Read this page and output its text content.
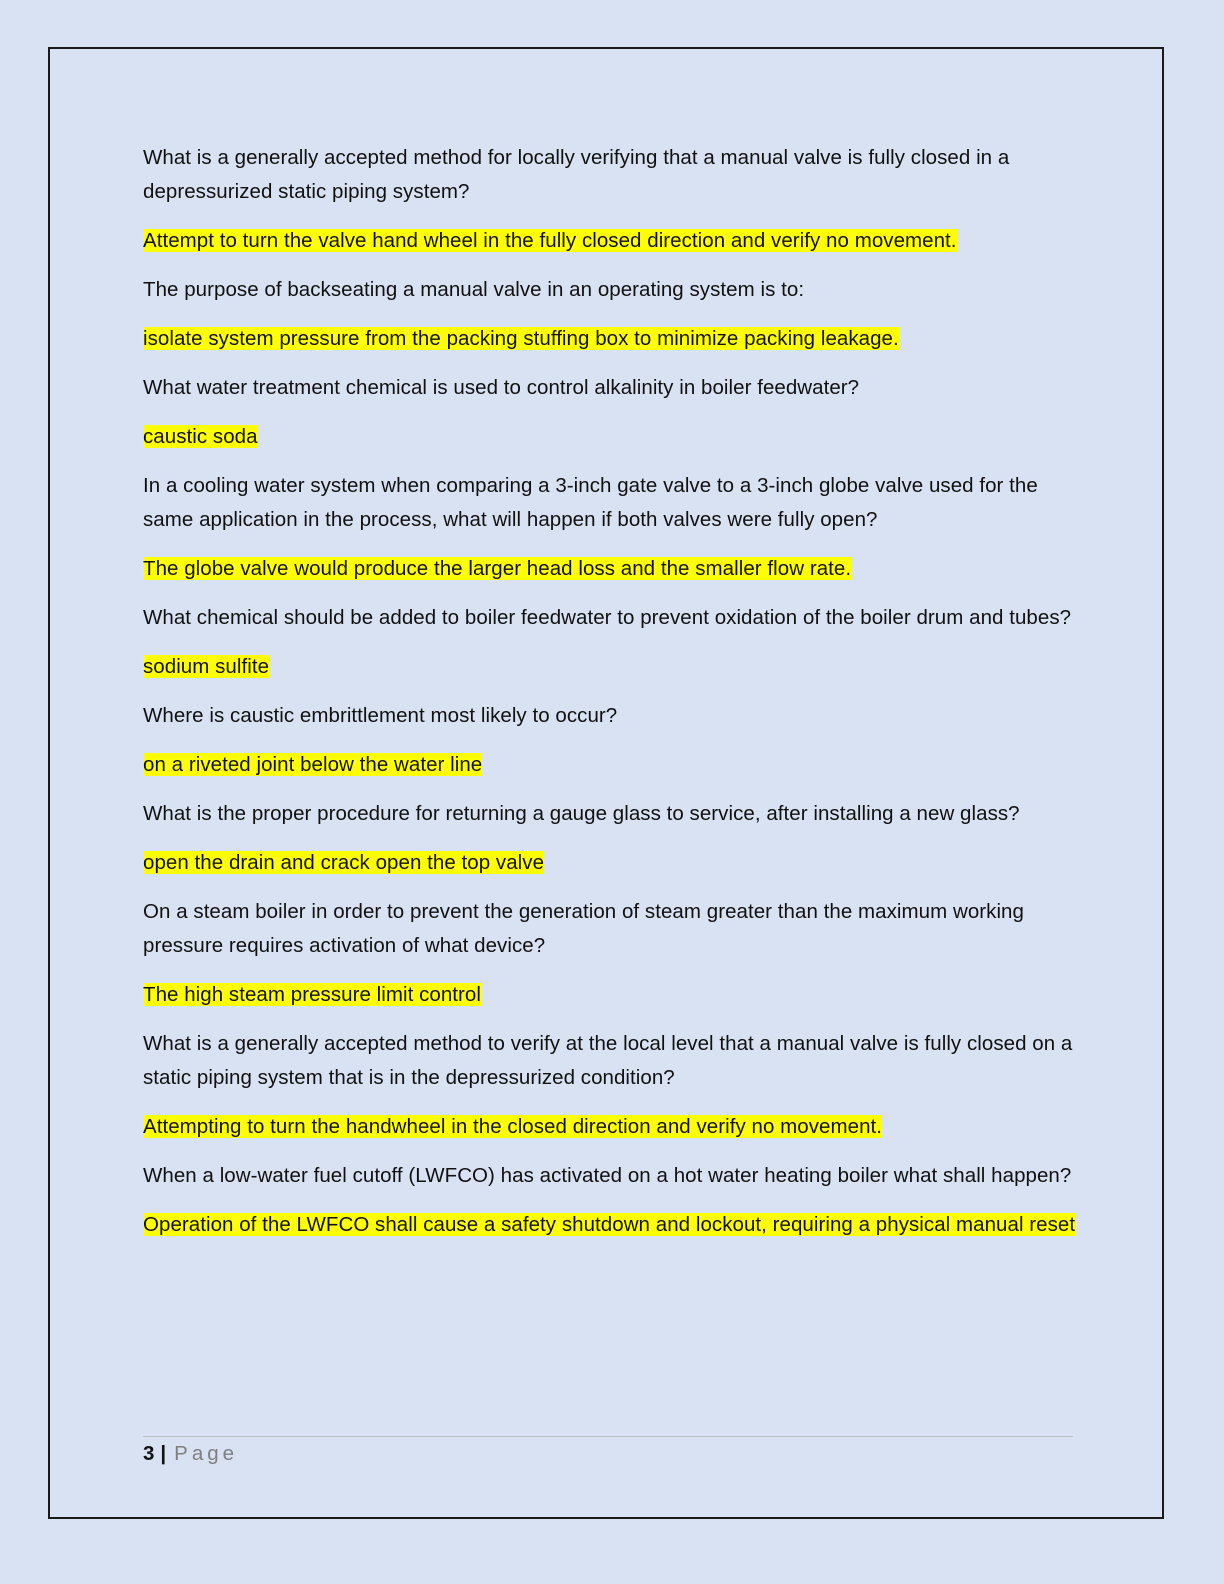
What is a generally accepted method for locally verifying that a manual valve is fully closed in a depressurized static piping system?

Attempt to turn the valve hand wheel in the fully closed direction and verify no movement.

The purpose of backseating a manual valve in an operating system is to:

isolate system pressure from the packing stuffing box to minimize packing leakage.

What water treatment chemical is used to control alkalinity in boiler feedwater?

caustic soda

In a cooling water system when comparing a 3-inch gate valve to a 3-inch globe valve used for the same application in the process, what will happen if both valves were fully open?

The globe valve would produce the larger head loss and the smaller flow rate.

What chemical should be added to boiler feedwater to prevent oxidation of the boiler drum and tubes?

sodium sulfite

Where is caustic embrittlement most likely to occur?

on a riveted joint below the water line

What is the proper procedure for returning a gauge glass to service, after installing a new glass?

open the drain and crack open the top valve

On a steam boiler in order to prevent the generation of steam greater than the maximum working pressure requires activation of what device?

The high steam pressure limit control

What is a generally accepted method to verify at the local level that a manual valve is fully closed on a static piping system that is in the depressurized condition?

Attempting to turn the handwheel in the closed direction and verify no movement.

When a low-water fuel cutoff (LWFCO) has activated on a hot water heating boiler what shall happen?

Operation of the LWFCO shall cause a safety shutdown and lockout, requiring a physical manual reset

3 | Page
